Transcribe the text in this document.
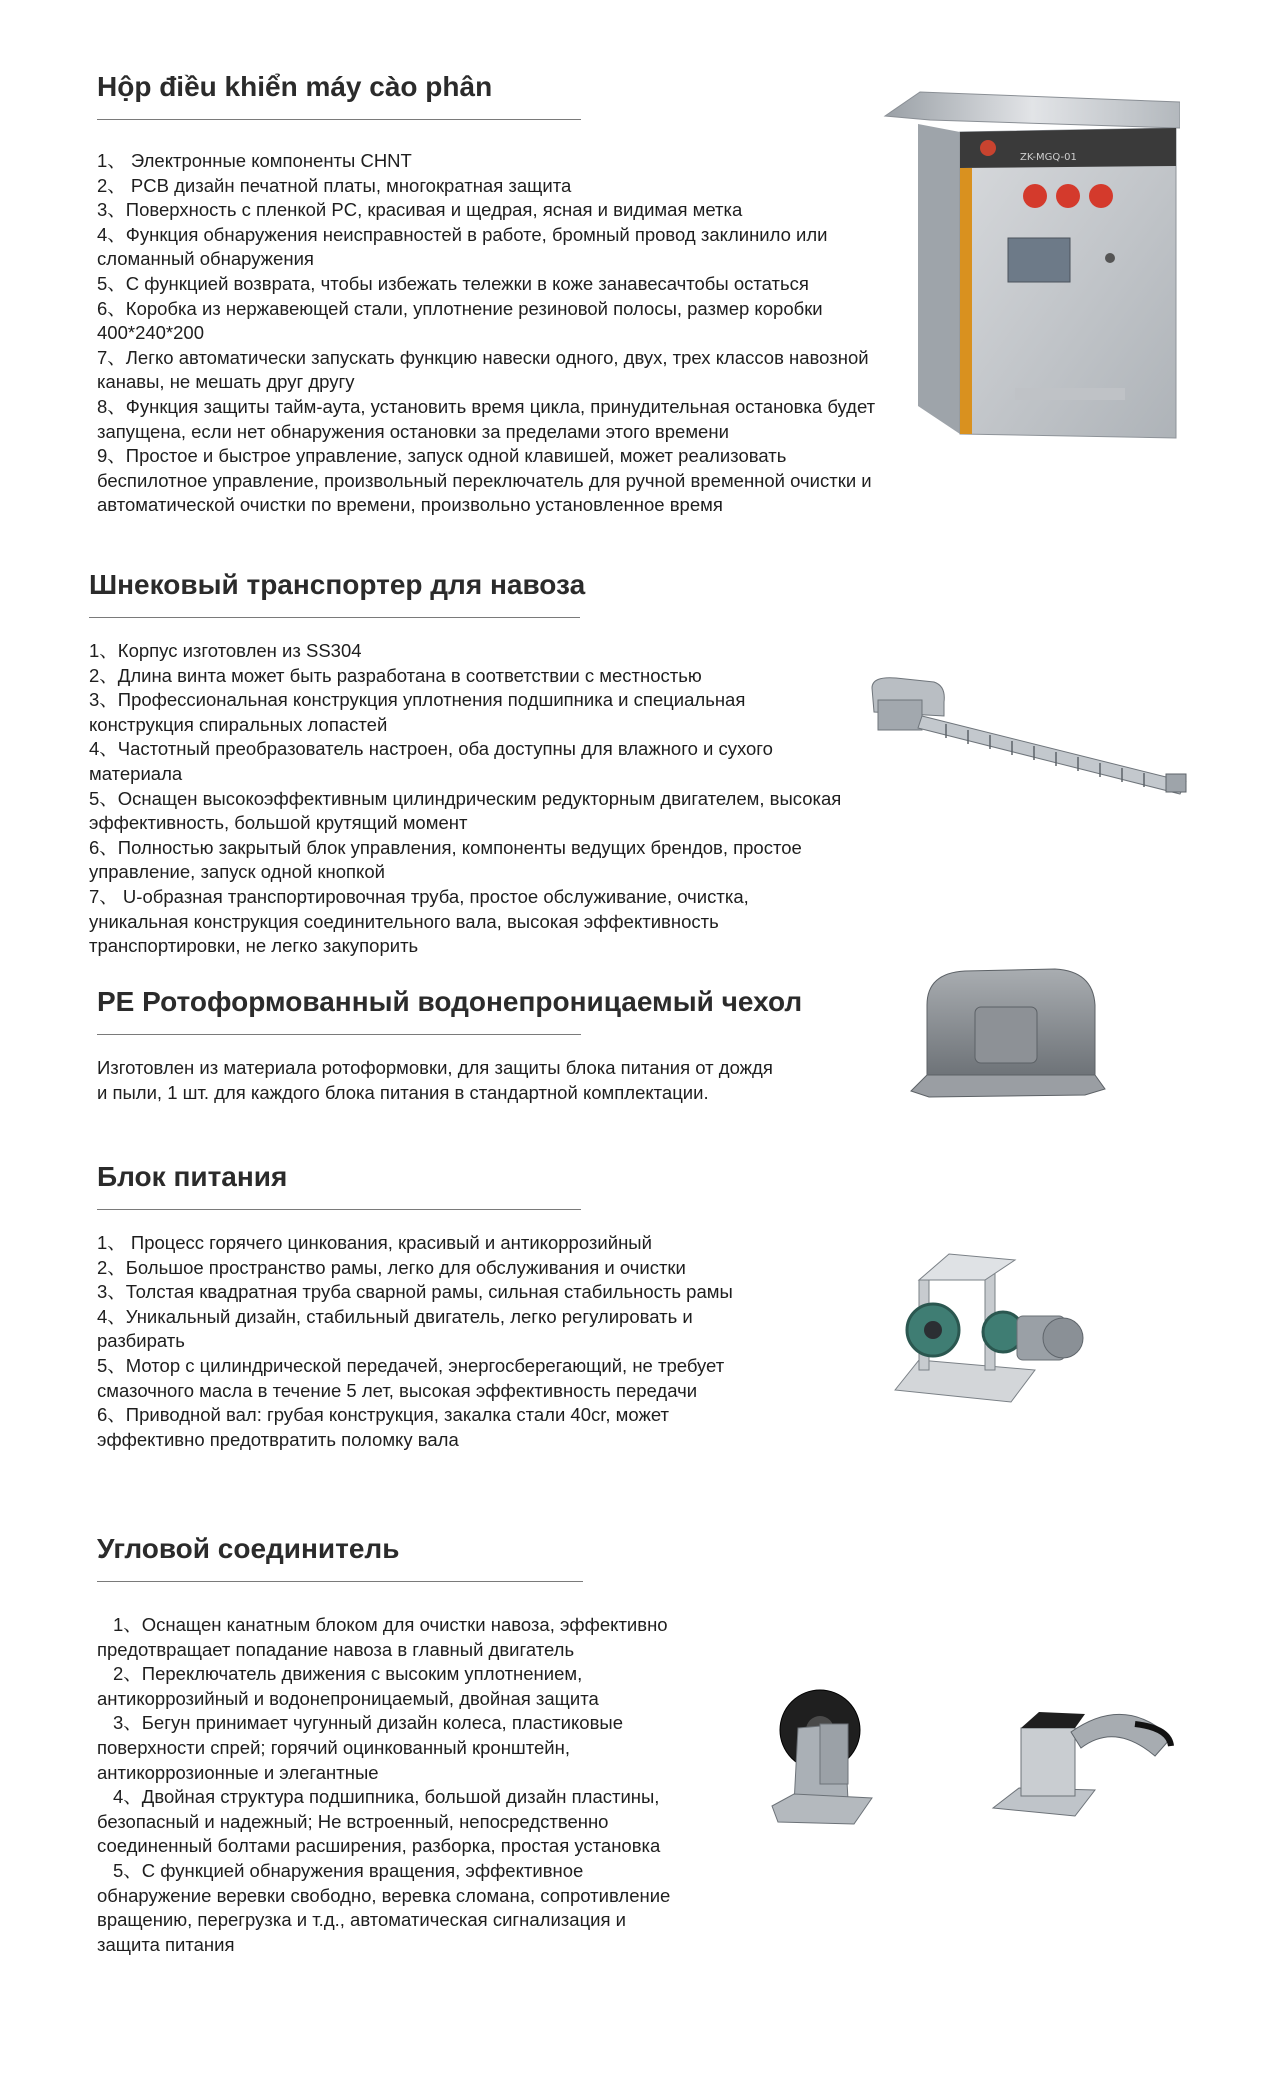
Hộp điều khiển máy cào phân

1、 Электронные компоненты CHNT

2、 PCB дизайн печатной платы, многократная защита

3、Поверхность с пленкой PC, красивая и щедрая, ясная и видимая метка

4、Функция обнаружения неисправностей в работе, бромный провод заклинило или сломанный обнаружения

5、С функцией возврата, чтобы избежать тележки в коже занавесачтобы остаться

6、Коробка из нержавеющей стали, уплотнение резиновой полосы, размер коробки 400*240*200

7、Легко автоматически запускать функцию навески одного, двух, трех классов навозной канавы, не мешать друг другу

8、Функция защиты тайм-аута, установить время цикла, принудительная остановка будет запущена, если нет обнаружения остановки за пределами этого времени

9、Простое и быстрое управление, запуск одной клавишей, может реализовать беспилотное управление, произвольный переключатель для ручной временной очистки и автоматической очистки по времени, произвольно установленное время

ZK-MGQ-01
Шнековый транспортер для навоза

1、Корпус изготовлен из SS304

2、Длина винта может быть разработана в соответствии с местностью

3、Профессиональная конструкция уплотнения подшипника и специальная конструкция спиральных лопастей

4、Частотный преобразователь настроен, оба доступны для влажного и сухого материала

5、Оснащен высокоэффективным цилиндрическим редукторным двигателем, высокая эффективность, большой крутящий момент

6、Полностью закрытый блок управления, компоненты ведущих брендов, простое управление, запуск одной кнопкой

7、 U-образная транспортировочная труба, простое обслуживание, очистка, уникальная конструкция соединительного вала, высокая эффективность транспортировки, не легко закупорить

PE Ротоформованный водонепроницаемый чехол

Изготовлен из материала ротоформовки, для защиты блока питания от дождя и пыли, 1 шт. для каждого блока питания в стандартной комплектации.

Блок питания

1、 Процесс горячего цинкования, красивый и антикоррозийный

2、Большое пространство рамы, легко для обслуживания и очистки

3、Толстая квадратная труба сварной рамы, сильная стабильность рамы

4、Уникальный дизайн, стабильный двигатель, легко регулировать и разбирать

5、Мотор с цилиндрической передачей, энергосберегающий, не требует смазочного масла в течение 5 лет, высокая эффективность передачи

6、Приводной вал: грубая конструкция, закалка стали 40cr, может эффективно предотвратить поломку вала

Угловой соединитель

1、Оснащен канатным блоком для очистки навоза, эффективно предотвращает попадание навоза в главный двигатель

2、Переключатель движения с высоким уплотнением, антикоррозийный и водонепроницаемый, двойная защита

3、Бегун принимает чугунный дизайн колеса, пластиковые поверхности спрей; горячий оцинкованный кронштейн, антикоррозионные и элегантные

4、Двойная структура подшипника, большой дизайн пластины, безопасный и надежный; Не встроенный, непосредственно соединенный болтами расширения, разборка, простая установка

5、С функцией обнаружения вращения, эффективное обнаружение веревки свободно, веревка сломана, сопротивление вращению, перегрузка и т.д., автоматическая сигнализация и защита питания
